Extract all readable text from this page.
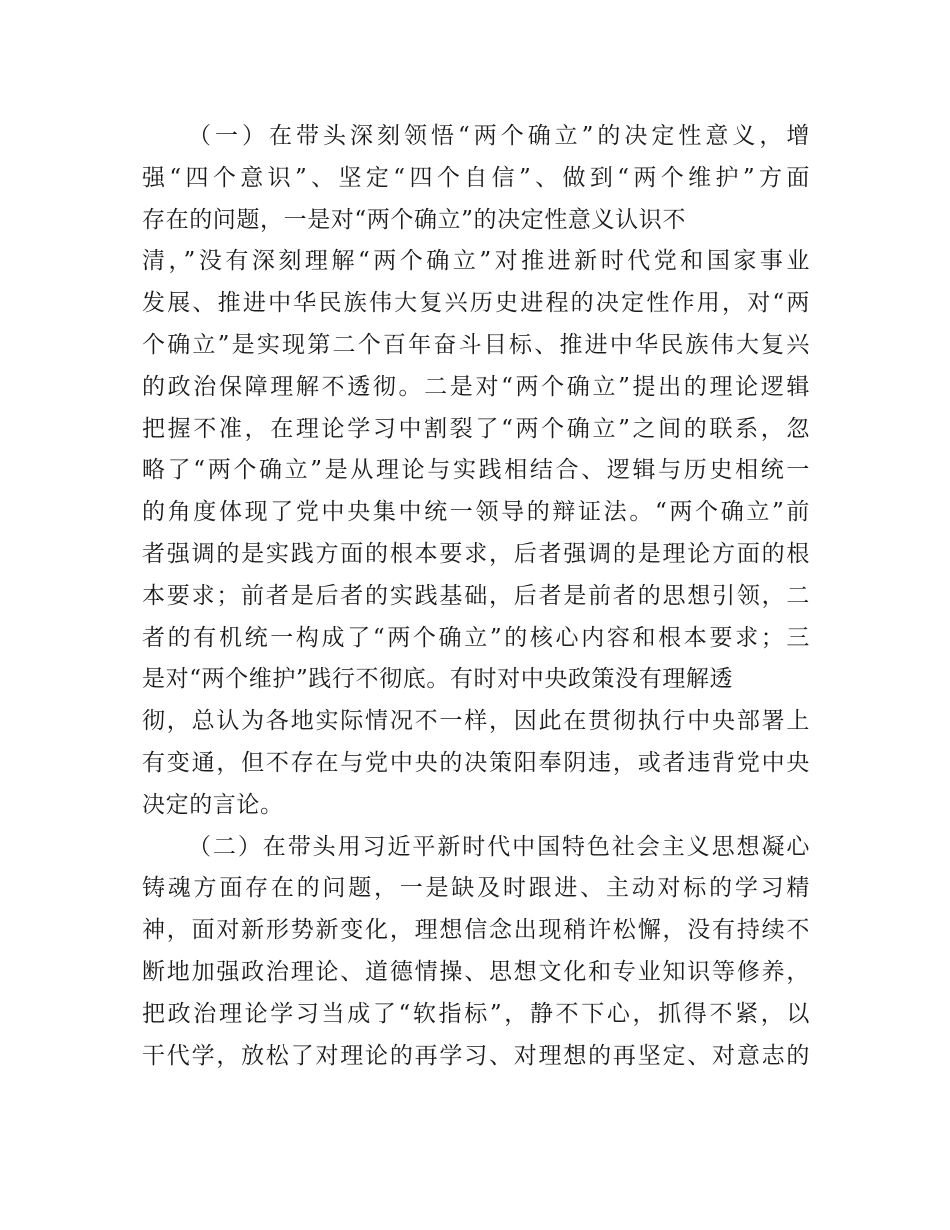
（一）在带头深刻领悟“两个确立”的决定性意义，增
强“四个意识”、坚定“四个自信”、做到“两个维护”方面
存在的问题，一是对“两个确立”的决定性意义认识不
清，”没有深刻理解“两个确立”对推进新时代党和国家事业
发展、推进中华民族伟大复兴历史进程的决定性作用，对“两
个确立”是实现第二个百年奋斗目标、推进中华民族伟大复兴
的政治保障理解不透彻。二是对“两个确立”提出的理论逻辑
把握不准，在理论学习中割裂了“两个确立”之间的联系，忽
略了“两个确立”是从理论与实践相结合、逻辑与历史相统一
的角度体现了党中央集中统一领导的辩证法。“两个确立”前
者强调的是实践方面的根本要求，后者强调的是理论方面的根
本要求；前者是后者的实践基础，后者是前者的思想引领，二
者的有机统一构成了“两个确立”的核心内容和根本要求；三
是对“两个维护”践行不彻底。有时对中央政策没有理解透
彻，总认为各地实际情况不一样，因此在贯彻执行中央部署上
有变通，但不存在与党中央的决策阳奉阴违，或者违背党中央
决定的言论。
（二）在带头用习近平新时代中国特色社会主义思想凝心
铸魂方面存在的问题，一是缺及时跟进、主动对标的学习精
神，面对新形势新变化，理想信念出现稍许松懈，没有持续不
断地加强政治理论、道德情操、思想文化和专业知识等修养，
把政治理论学习当成了“软指标”，静不下心，抓得不紧，以
干代学，放松了对理论的再学习、对理想的再坚定、对意志的
